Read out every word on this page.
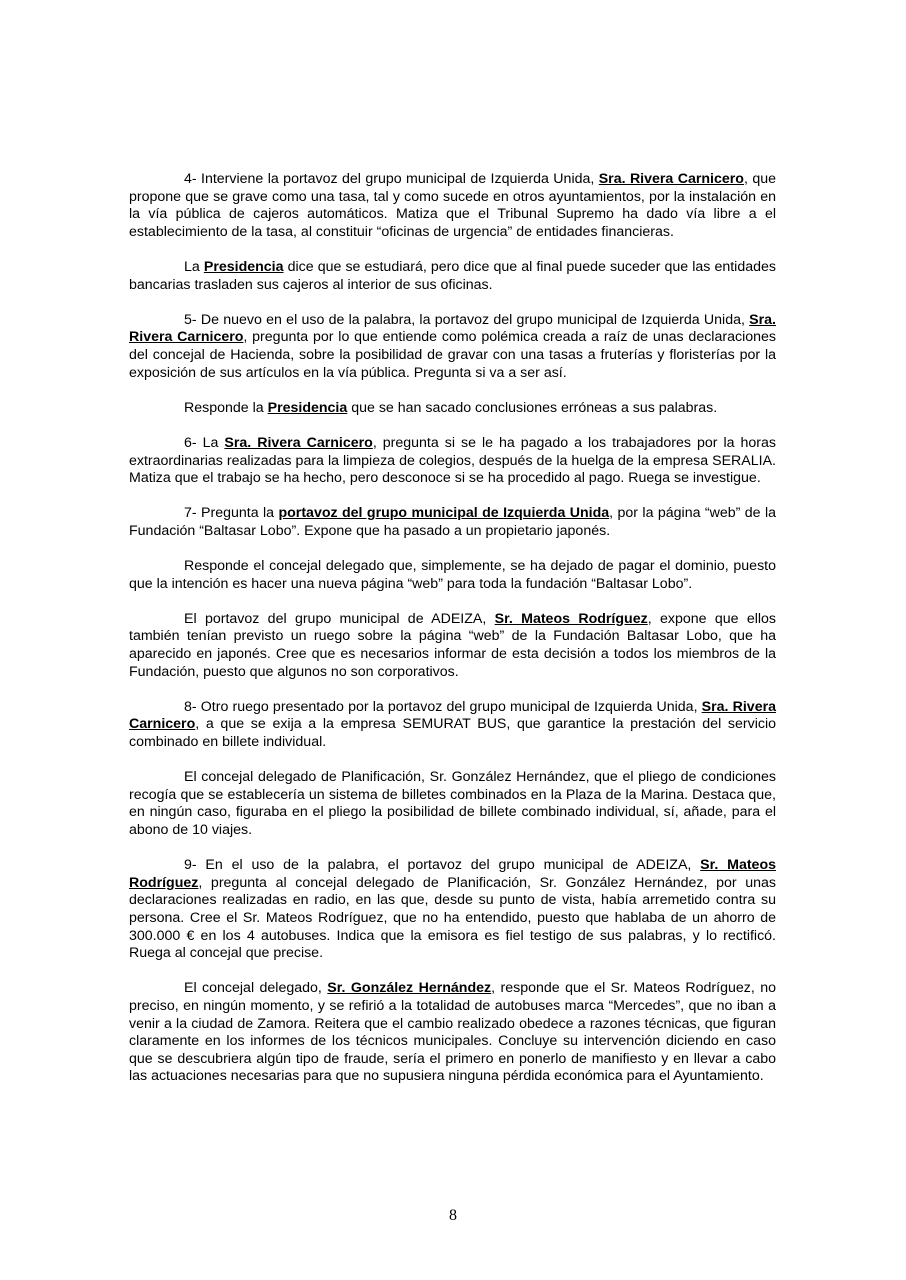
4- Interviene la portavoz del grupo municipal de Izquierda Unida, Sra. Rivera Carnicero, que propone que se grave como una tasa, tal y como sucede en otros ayuntamientos, por la instalación en la vía pública de cajeros automáticos. Matiza que el Tribunal Supremo ha dado vía libre a el establecimiento de la tasa, al constituir “oficinas de urgencia” de entidades financieras.

La Presidencia dice que se estudiará, pero dice que al final puede suceder que las entidades bancarias trasladen sus cajeros al interior de sus oficinas.

5- De nuevo en el uso de la palabra, la portavoz del grupo municipal de Izquierda Unida, Sra. Rivera Carnicero, pregunta por lo que entiende como polémica creada a raíz de unas declaraciones del concejal de Hacienda, sobre la posibilidad de gravar con una tasas a fruterías y floristerías por la exposición de sus artículos en la vía pública. Pregunta si va a ser así.

Responde la Presidencia que se han sacado conclusiones erróneas a sus palabras.

6- La Sra. Rivera Carnicero, pregunta si se le ha pagado a los trabajadores por la horas extraordinarias realizadas para la limpieza de colegios, después de la huelga de la empresa SERALIA. Matiza que el trabajo se ha hecho, pero desconoce si se ha procedido al pago. Ruega se investigue.

7- Pregunta la portavoz del grupo municipal de Izquierda Unida, por la página “web” de la Fundación “Baltasar Lobo”. Expone que ha pasado a un propietario japonés.

Responde el concejal delegado que, simplemente, se ha dejado de pagar el dominio, puesto que la intención es hacer una nueva página “web” para toda la fundación “Baltasar Lobo”.

El portavoz del grupo municipal de ADEIZA, Sr. Mateos Rodríguez, expone que ellos también tenían previsto un ruego sobre la página “web” de la Fundación Baltasar Lobo, que ha aparecido en japonés. Cree que es necesarios informar de esta decisión a todos los miembros de la Fundación, puesto que algunos no son corporativos.

8- Otro ruego presentado por la portavoz del grupo municipal de Izquierda Unida, Sra. Rivera Carnicero, a que se exija a la empresa SEMURAT BUS, que garantice la prestación del servicio combinado en billete individual.

El concejal delegado de Planificación, Sr. González Hernández, que el pliego de condiciones recogía que se establecería un sistema de billetes combinados en la Plaza de la Marina. Destaca que, en ningún caso, figuraba en el pliego la posibilidad de billete combinado individual, sí, añade, para el abono de 10 viajes.

9- En el uso de la palabra, el portavoz del grupo municipal de ADEIZA, Sr. Mateos Rodríguez, pregunta al concejal delegado de Planificación, Sr. González Hernández, por unas declaraciones realizadas en radio, en las que, desde su punto de vista, había arremetido contra su persona. Cree el Sr. Mateos Rodríguez, que no ha entendido, puesto que hablaba de un ahorro de 300.000 € en los 4 autobuses. Indica que la emisora es fiel testigo de sus palabras, y lo rectificó. Ruega al concejal que precise.

El concejal delegado, Sr. González Hernández, responde que el Sr. Mateos Rodríguez, no preciso, en ningún momento, y se refirió a la totalidad de autobuses marca “Mercedes”, que no iban a venir a la ciudad de Zamora. Reitera que el cambio realizado obedece a razones técnicas, que figuran claramente en los informes de los técnicos municipales. Concluye su intervención diciendo en caso que se descubriera algún tipo de fraude, sería el primero en ponerlo de manifiesto y en llevar a cabo las actuaciones necesarias para que no supusiera ninguna pérdida económica para el Ayuntamiento.

8
